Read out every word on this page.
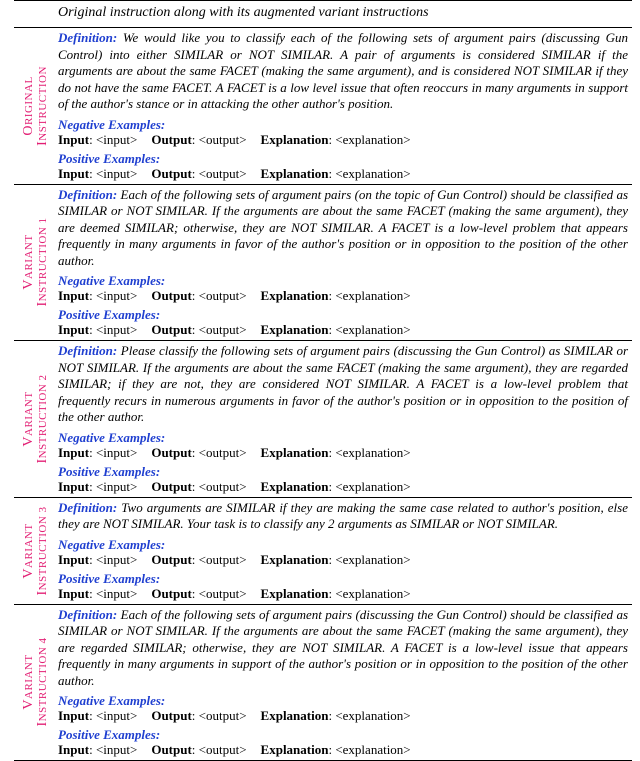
Original instruction along with its augmented variant instructions
ORIGINAL
INSTRUCTION
Definition: We would like you to classify each of the following sets of argument pairs (discussing Gun Control) into either SIMILAR or NOT SIMILAR. A pair of arguments is considered SIMILAR if the arguments are about the same FACET (making the same argument), and is considered NOT SIMILAR if they do not have the same FACET. A FACET is a low level issue that often reoccurs in many arguments in support of the author's stance or in attacking the other author's position.
Negative Examples:
Input: <input> Output: <output> Explanation: <explanation>
Positive Examples:
Input: <input> Output: <output> Explanation: <explanation>
VARIANT
INSTRUCTION 1
Definition: Each of the following sets of argument pairs (on the topic of Gun Control) should be classified as SIMILAR or NOT SIMILAR. If the arguments are about the same FACET (making the same argument), they are deemed SIMILAR; otherwise, they are NOT SIMILAR. A FACET is a low-level problem that appears frequently in many arguments in favor of the author's position or in opposition to the position of the other author.
Negative Examples:
Input: <input> Output: <output> Explanation: <explanation>
Positive Examples:
Input: <input> Output: <output> Explanation: <explanation>
VARIANT
INSTRUCTION 2
Definition: Please classify the following sets of argument pairs (discussing the Gun Control) as SIMILAR or NOT SIMILAR. If the arguments are about the same FACET (making the same argument), they are regarded SIMILAR; if they are not, they are considered NOT SIMILAR. A FACET is a low-level problem that frequently recurs in numerous arguments in favor of the author's position or in opposition to the position of the other author.
Negative Examples:
Input: <input> Output: <output> Explanation: <explanation>
Positive Examples:
Input: <input> Output: <output> Explanation: <explanation>
VARIANT
INSTRUCTION 3 Definition: Two arguments are SIMILAR if they are making the same case related to author's position, else they are NOT SIMILAR. Your task is to classify any 2 arguments as SIMILAR or NOT SIMILAR.
Negative Examples:
Input: <input> Output: <output> Explanation: <explanation>
Positive Examples:
Input: <input> Output: <output> Explanation: <explanation>
VARIANT
INSTRUCTION 4
Definition: Each of the following sets of argument pairs (discussing the Gun Control) should be classified as SIMILAR or NOT SIMILAR. If the arguments are about the same FACET (making the same argument), they are regarded SIMILAR; otherwise, they are NOT SIMILAR. A FACET is a low-level issue that appears frequently in many arguments in support of the author's position or in opposition to the position of the other author.
Negative Examples:
Input: <input> Output: <output> Explanation: <explanation>
Positive Examples:
Input: <input> Output: <output> Explanation: <explanation>
